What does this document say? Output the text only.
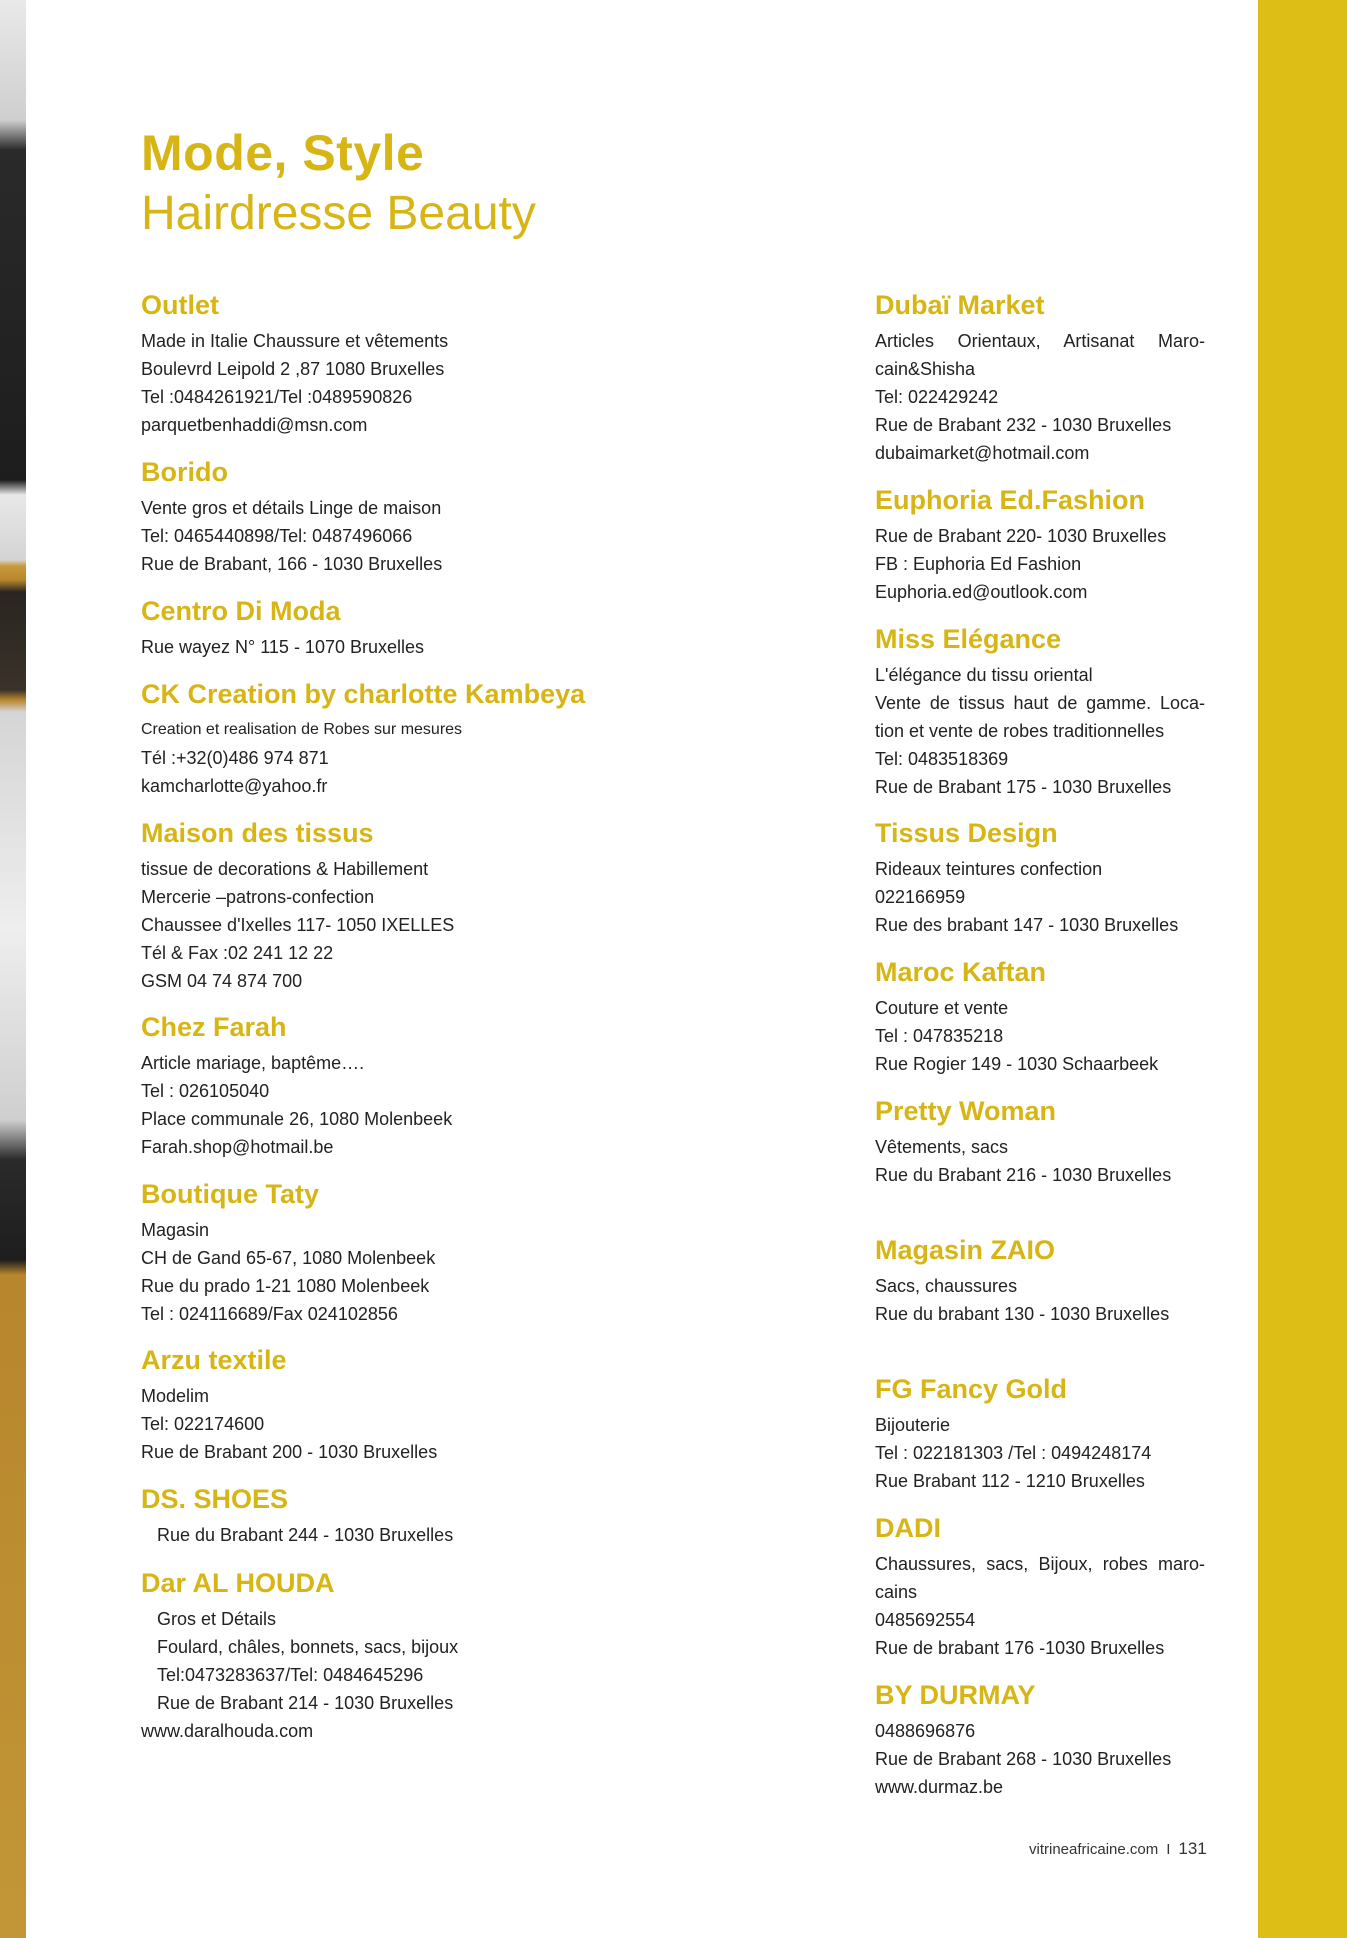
Mode, Style
Hairdresse Beauty
Outlet
Made in Italie Chaussure et vêtements
Boulevrd Leipold 2 ,87 1080 Bruxelles
Tel :0484261921/Tel :0489590826
parquetbenhaddi@msn.com
Borido
Vente gros et détails Linge de maison
Tel: 0465440898/Tel: 0487496066
Rue de Brabant, 166 - 1030 Bruxelles
Centro Di Moda
Rue wayez N° 115 - 1070 Bruxelles
CK Creation by charlotte Kambeya
Creation et realisation de Robes sur mesures
Tél :+32(0)486 974 871
kamcharlotte@yahoo.fr
Maison des tissus
tissue de decorations & Habillement
Mercerie –patrons-confection
Chaussee d'Ixelles 117- 1050 IXELLES
Tél & Fax :02 241 12 22
GSM 04 74 874 700
Chez Farah
Article mariage, baptême….
Tel : 026105040
Place communale 26, 1080 Molenbeek
Farah.shop@hotmail.be
Boutique Taty
Magasin
CH de Gand 65-67, 1080 Molenbeek
Rue du prado 1-21 1080 Molenbeek
Tel : 024116689/Fax 024102856
Arzu textile
Modelim
Tel: 022174600
Rue de Brabant 200 - 1030 Bruxelles
DS. SHOES
Rue du Brabant 244 - 1030 Bruxelles
Dar AL HOUDA
Gros et Détails
Foulard, châles, bonnets, sacs, bijoux
Tel:0473283637/Tel: 0484645296
Rue de Brabant 214 - 1030 Bruxelles
www.daralhouda.com
Dubaï Market
Articles Orientaux, Artisanat Maro-
cain&Shisha
Tel: 022429242
Rue de Brabant 232 - 1030 Bruxelles
dubaimarket@hotmail.com
Euphoria Ed.Fashion
Rue de Brabant 220- 1030 Bruxelles
FB : Euphoria Ed Fashion
Euphoria.ed@outlook.com
Miss Elégance
L'élégance du tissu oriental
Vente de tissus haut de gamme. Loca-
tion et vente de robes traditionnelles
Tel: 0483518369
Rue de Brabant 175 - 1030 Bruxelles
Tissus Design
Rideaux teintures confection
022166959
Rue des brabant 147 - 1030 Bruxelles
Maroc Kaftan
Couture et vente
Tel : 047835218
Rue Rogier 149 - 1030 Schaarbeek
Pretty Woman
Vêtements, sacs
Rue du Brabant 216 - 1030 Bruxelles
Magasin ZAIO
Sacs, chaussures
Rue du brabant 130 - 1030 Bruxelles
FG Fancy Gold
Bijouterie
Tel : 022181303 /Tel : 0494248174
Rue Brabant 112 - 1210 Bruxelles
DADI
Chaussures, sacs, Bijoux, robes maro-
cains
0485692554
Rue de brabant 176 -1030 Bruxelles
BY DURMAY
0488696876
Rue de Brabant 268 - 1030 Bruxelles
www.durmaz.be
vitrineafricaine.com I 131
